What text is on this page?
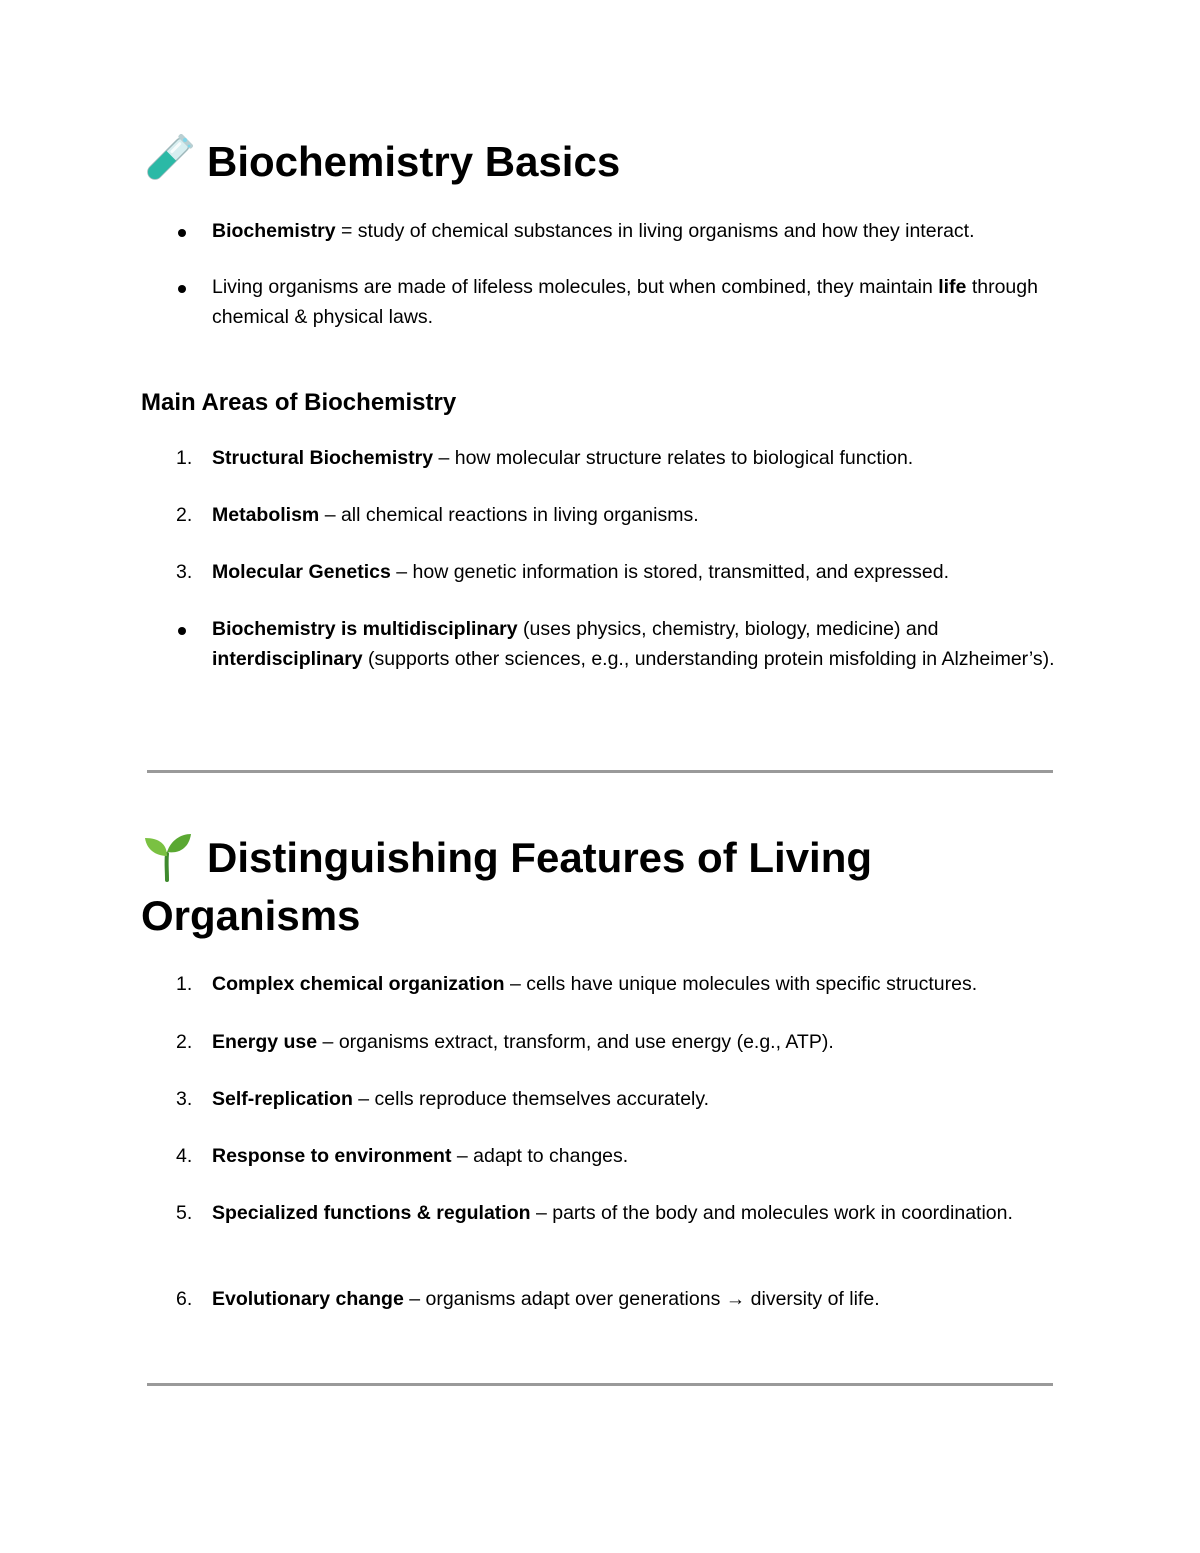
Biochemistry Basics

Biochemistry = study of chemical substances in living organisms and how they interact.

Living organisms are made of lifeless molecules, but when combined, they maintain life through chemical & physical laws.

Main Areas of Biochemistry

1.	Structural Biochemistry – how molecular structure relates to biological function.

2.	Metabolism – all chemical reactions in living organisms.

3.	Molecular Genetics – how genetic information is stored, transmitted, and expressed.

Biochemistry is multidisciplinary (uses physics, chemistry, biology, medicine) and interdisciplinary (supports other sciences, e.g., understanding protein misfolding in Alzheimer’s).

Distinguishing Features of Living Organisms

1.	Complex chemical organization – cells have unique molecules with specific structures.

2.	Energy use – organisms extract, transform, and use energy (e.g., ATP).

3.	Self-replication – cells reproduce themselves accurately.

4.	Response to environment – adapt to changes.

5.	Specialized functions & regulation – parts of the body and molecules work in coordination.

6.	Evolutionary change – organisms adapt over generations → diversity of life.
